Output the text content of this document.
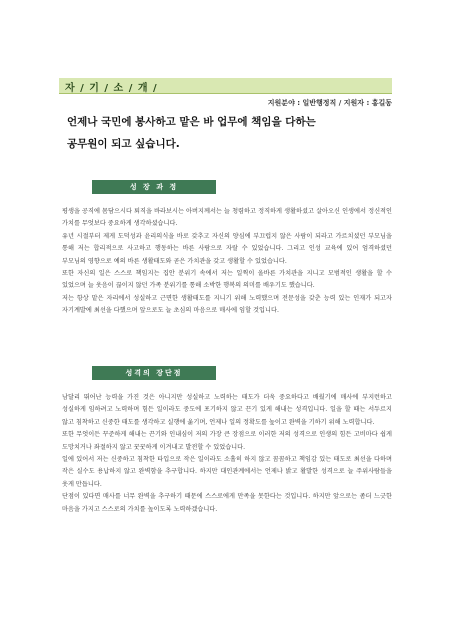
자 / 기 / 소 / 개 /
지원분야 : 일반행정직 / 지원자 : 홍길동
언제나 국민에 봉사하고 맡은 바 업무에 책임을 다하는
공무원이 되고 싶습니다.
성 장 과 정

평생을 공직에 몸담으시다 퇴직을 바라보시는 아버지께서는 늘 청렴하고 정직하게 생활하셨고 살아오신 인생에서 정신적인 가치를 무엇보다 중요하게 생각하셨습니다.

유년 시절부터 제게 도덕성과 윤리의식을 바로 갖추고 자신의 양심에 부끄럽지 않은 사람이 되라고 가르치셨던 부모님을 통해 저는 합리적으로 사고하고 행동하는 바른 사람으로 자랄 수 있었습니다. 그리고 인성 교육에 있어 엄격하셨던 부모님의 영향으로 예의 바른 생활태도와 곧은 가치관을 갖고 생활할 수 있었습니다.

또한 자신의 일은 스스로 책임지는 집안 분위기 속에서 저는 일찍이 올바른 가치관을 지니고 모범적인 생활을 할 수 있었으며 늘 웃음이 끊이지 않던 가족 분위기를 통해 소박한 행복의 의미를 배우기도 했습니다.

저는 항상 맡은 자리에서 성실하고 근면한 생활태도를 지니기 위해 노력했으며 전문성을 갖춘 능력 있는 인재가 되고자 자기계발에 최선을 다했으며 앞으로도 늘 초심의 마음으로 매사에 임할 것입니다.

성격의 장단점

남달리 뛰어난 능력을 가진 것은 아니지만 성실하고 노력하는 태도가 더욱 중요하다고 배웠기에 매사에 부지런하고 성실하게 임하려고 노력하며 힘든 일이라도 중도에 포기하지 않고 끈기 있게 해내는 성격입니다. 일을 할 때는 서두르지 않고 침착하고 신중한 태도를 생각하고 실행에 옮기며, 언제나 일의 정확도를 높이고 완벽을 기하기 위해 노력합니다.

또한 무엇이든 꾸준하게 해내는 끈기와 인내심이 저의 가장 큰 장점으로 이러한 저의 성격으로 인생의 힘든 고비마다 쉽게 도망치거나 좌절하지 않고 꿋꿋하게 이겨내고 발전할 수 있었습니다.

일에 있어서 저는 신중하고 침착한 타입으로 작은 일이라도 소홀히 하지 않고 꼼꼼하고 책임감 있는 태도로 최선을 다하며 작은 실수도 용납하지 않고 완벽함을 추구합니다. 하지만 대인관계에서는 언제나 밝고 활발한 성격으로 늘 주위사람들을 웃게 만듭니다.

단점이 있다면 매사를 너무 완벽을 추구하기 때문에 스스로에게 만족을 못한다는 것입니다. 하지만 앞으로는 좀더 느긋한 마음을 가지고 스스로의 가치를 높이도록 노력하겠습니다.
